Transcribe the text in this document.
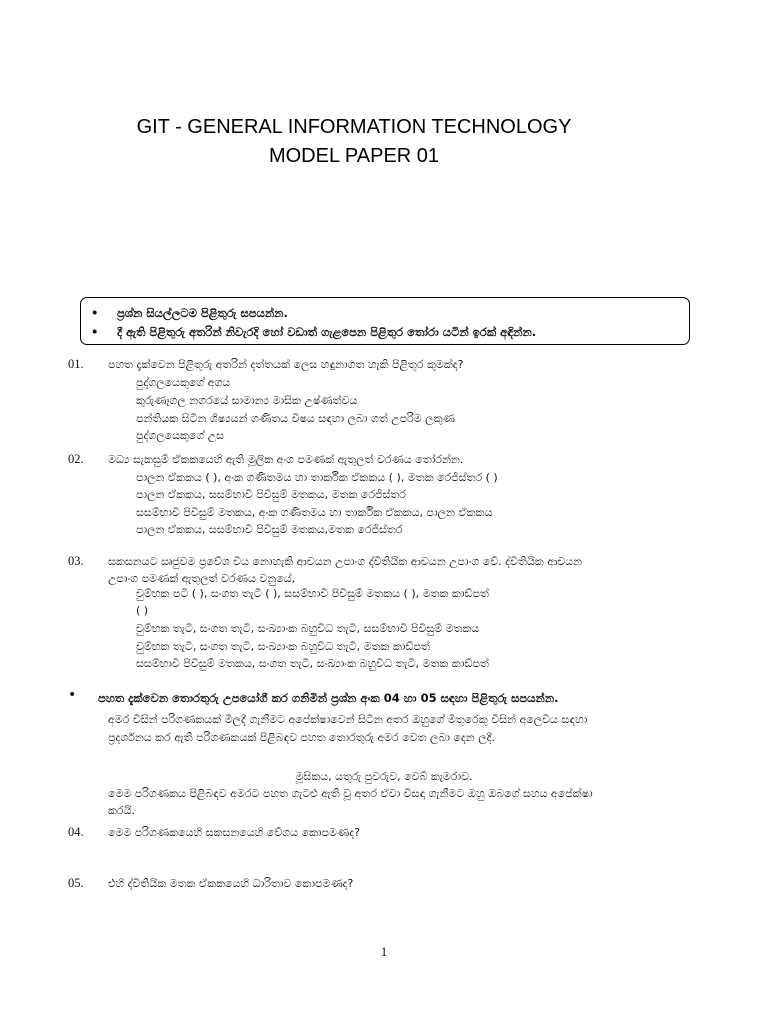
GIT - GENERAL INFORMATION TECHNOLOGY
MODEL PAPER 01
• ප්‍රශ්න සියල්ලටම පිළිතුරු සපයන්න.
• දී ඇති පිළිතුරු අතරින් නිවැරදි හෝ වඩාත් ගැළපෙන පිළිතුර තෝරා යටින් ඉරක් අඳින්න.
01. පහත දැක්වෙන පිළිතුරු අතරින් දත්තයක් ලෙස හඳුනාගත හැකි පිළිතුර කුමක්ද?
පුද්ගලයෙකුගේ අගය
කුරුණෑගල නගරයේ සාමාන්‍ය මාසික උෂ්ණත්වය
පන්තියක සිටින ශිෂ්‍යයන් ගණිතය විෂය සඳහා ලබා ගත් උපරිම ලකුණ
පුද්ගලයෙකුගේ උස
02. මධ්‍ය සැකසුම් ඒකකයෙහි ඇති මූලික අංග පමණක් ඇතුලත් වරණය තෝරන්න.
පාලන ඒකකය ( ), අංක ගණිතමය හා තාර්කික ඒකකය ( ), මතක රෙජිස්තර ( )
පාලන ඒකකය, සසම්භාවී පිවිසුම් මතකය, මතක රෙජිස්තර
සසම්භාවී පිවිසුම් මතකය, අංක ගණිතමය හා තාර්කික ඒකකය, පාලන ඒකකය
පාලන ඒකකය, සසම්භාවී පිවිසුම් මතකය,මතක රෙජිස්තර
03. සකසනයට ඍජුවම ප්‍රවේශ විය නොහැකි ආචයන උපාංග ද්විතියික ආචයන උපාංග වේ. ද්විතියික ආචයන
උපාංග පමණක් ඇතුලත් වරණය වනුයේ,
චුම්භක පටි ( ), සංගත තැටි ( ), සසම්භාවී පිවිසුම් මතකය ( ), මතක කාඩ්පත්
( )
චුම්භක තැටි, සංගත තැටි, සංඛ්‍යාංක බහුවිධ තැටි, සසම්භාවී පිවිසුම් මතකය
චුම්භක තැටි, සංගත තැටි, සංඛ්‍යාංක බහුවිධ තැටි, මතක කාඩ්පත්
සසම්භාවී පිවිසුම් මතකය, සංගත තැටි, සංඛ්‍යාංක බහුවිධ තැටි, මතක කාඩ්පත්
• පහත දැක්වෙන තොරතුරු උපයෝගී කර ගනිමින් ප්‍රශ්න අංක 04 හා 05 සඳහා පිළිතුරු සපයන්න.
අමර විසින් පරිගණකයක් මිලදී ගැනීමට අපේක්ෂාවෙන් සිටින අතර ඔහුගේ මිතුරෙකු විසින් අලෙවිය සඳහා
ප්‍රදර්ශනය කර ඇති පරිගණකයක් පිළිබඳව පහත තොරතුරු අමර වෙත ලබා දෙන ලදී.
මූසිකය, යතුරු පුවරුව, වෙබ් කැමරාව.
මෙම පරිගණකය පිළිබඳව අමරට පහත ගැටළු ඇති වූ අතර ඒවා විසඳා ගැනීමට ඔහු ඔබගේ සහය අපේක්ෂා
කරයි.
04. මෙම පරිගණකයෙහි සකසනයෙහි වේගය කොපමණද?
05. එහි ද්විතියික මතක ඒකකයෙහි ධාරිතාව කොපමණද?
1
